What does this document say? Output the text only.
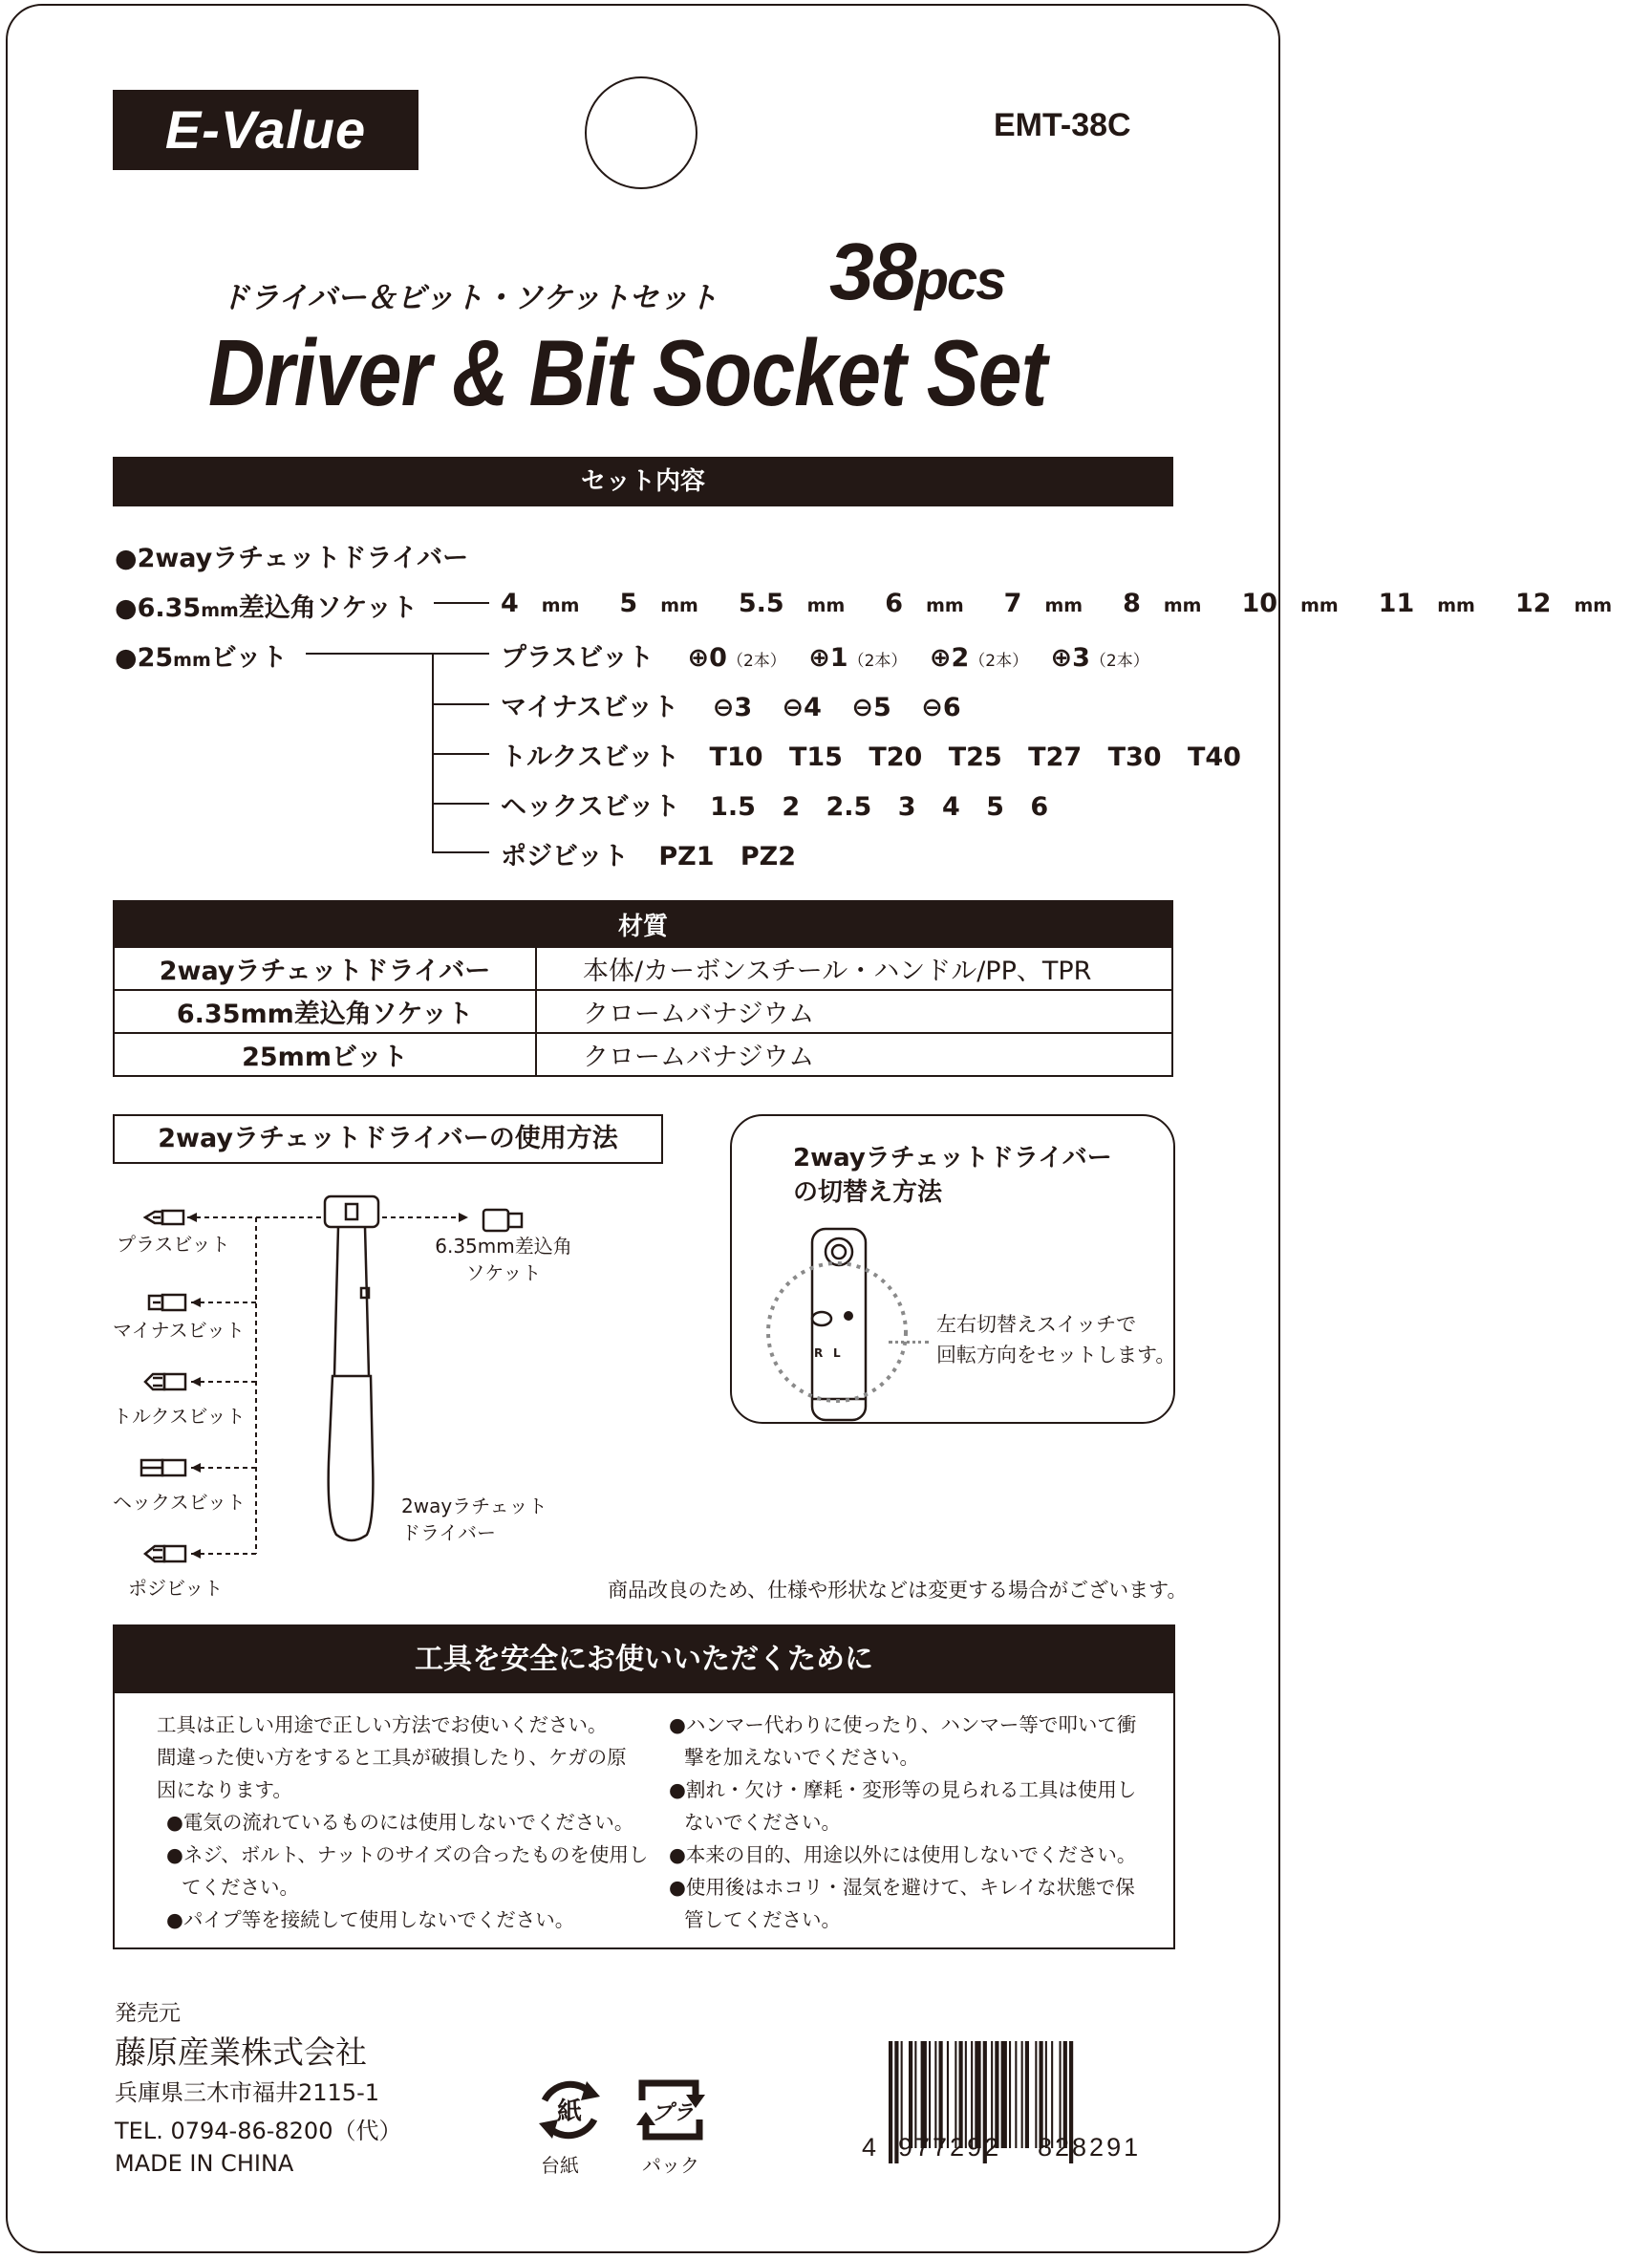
E-Value	EMT-38C
ドライバー＆ビット・ソケットセット 38pcs
Driver & Bit Socket Set
セット内容
●2wayラチェットドライバー
●6.35mm差込角ソケット	4 mm 5 mm 5.5 mm 6 mm 7 mm 8 mm 10 mm 11 mm 12 mm
●25mmビット	プラスビット ⊕0（2本） ⊕1（2本） ⊕2（2本） ⊕3（2本）
マイナスビット ⊖3 ⊖4 ⊖5 ⊖6
トルクスビット T10 T15 T20 T25 T27 T30 T40
ヘックスビット 1.5 2 2.5 3 4 5 6
ポジビット PZ1 PZ2
材質	
2wayラチェットドライバー	本体/カーボンスチール・ハンドル/PP、TPR
6.35mm差込角ソケット	クロームバナジウム
25mmビット	クロームバナジウム
2wayラチェットドライバーの使用方法
プラスビット
マイナスビット
トルクスビット
ヘックスビット
ポジビット
6.35mm差込角
ソケット
2wayラチェット
ドライバー
2wayラチェットドライバー
の切替え方法
R L
左右切替えスイッチで
回転方向をセットします。
商品改良のため、仕様や形状などは変更する場合がございます。
工具を安全にお使いいただくために
工具は正しい用途で正しい方法でお使いください。
間違った使い方をすると工具が破損したり、ケガの原
因になります。
●電気の流れているものには使用しないでください。
●ネジ、ボルト、ナットのサイズの合ったものを使用し
てください。
●パイプ等を接続して使用しないでください。
●ハンマー代わりに使ったり、ハンマー等で叩いて衝
撃を加えないでください。
●割れ・欠け・摩耗・変形等の見られる工具は使用し
ないでください。
●本来の目的、用途以外には使用しないでください。
●使用後はホコリ・湿気を避けて、キレイな状態で保
管してください。
発売元
藤原産業株式会社
兵庫県三木市福井2115-1
TEL. 0794-86-8200（代）
MADE IN CHINA
紙
台紙
プラ
パック
4 977292 828291
